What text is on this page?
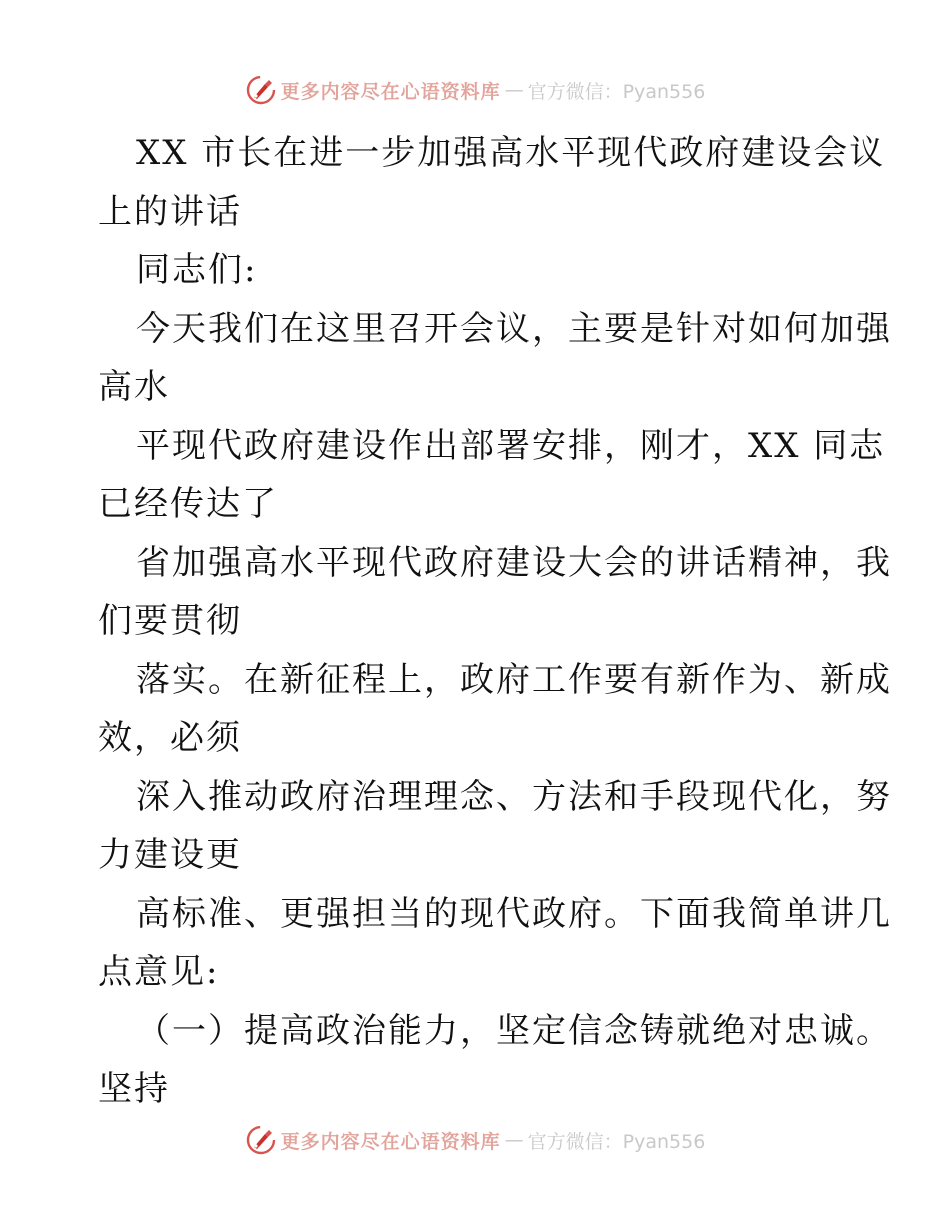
更多内容尽在心语资料库 — 官方微信：Pyan556
XX 市长在进一步加强高水平现代政府建设会议
上的讲话
同志们:
今天我们在这里召开会议，主要是针对如何加强
高水
平现代政府建设作出部署安排，刚才，XX 同志
已经传达了
省加强高水平现代政府建设大会的讲话精神，我
们要贯彻
落实。在新征程上，政府工作要有新作为、新成
效，必须
深入推动政府治理理念、方法和手段现代化，努
力建设更
高标准、更强担当的现代政府。下面我简单讲几
点意见:
（一）提高政治能力，坚定信念铸就绝对忠诚。
坚持
更多内容尽在心语资料库 — 官方微信：Pyan556
